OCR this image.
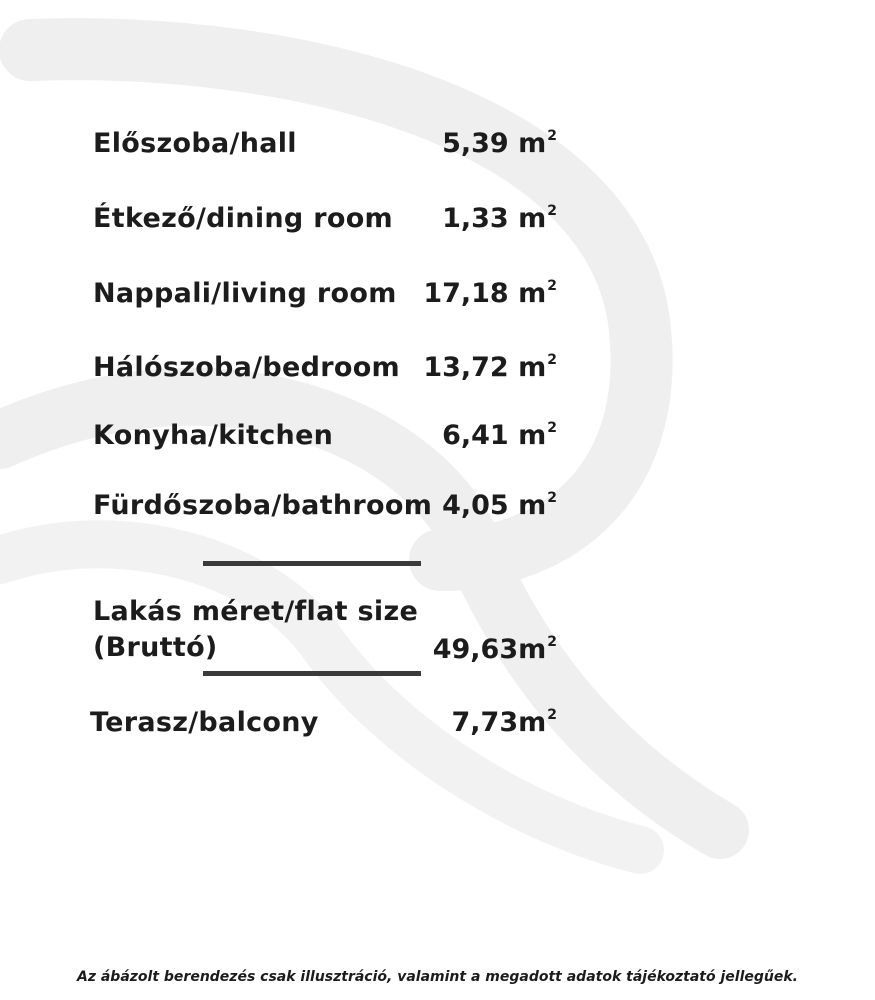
Előszoba/hall	5,39 $m^2$
Étkező/dining room 1,33 $m^2$
Nappali/living room 17,18 $m^2$
Hálószoba/bedroom 13,72 $m^2$
Konyha/kitchen	6,41 $m^2$
Fürdőszoba/bathroom 4,05 $m^2$
Lakás méret/flat size
(Bruttó)	$49,63m^2$
Terasz/balcony	$7,73m^2$
Az ábázolt berendezés csak illusztráció, valamint a megadott adatok tájékoztató jellegűek.
